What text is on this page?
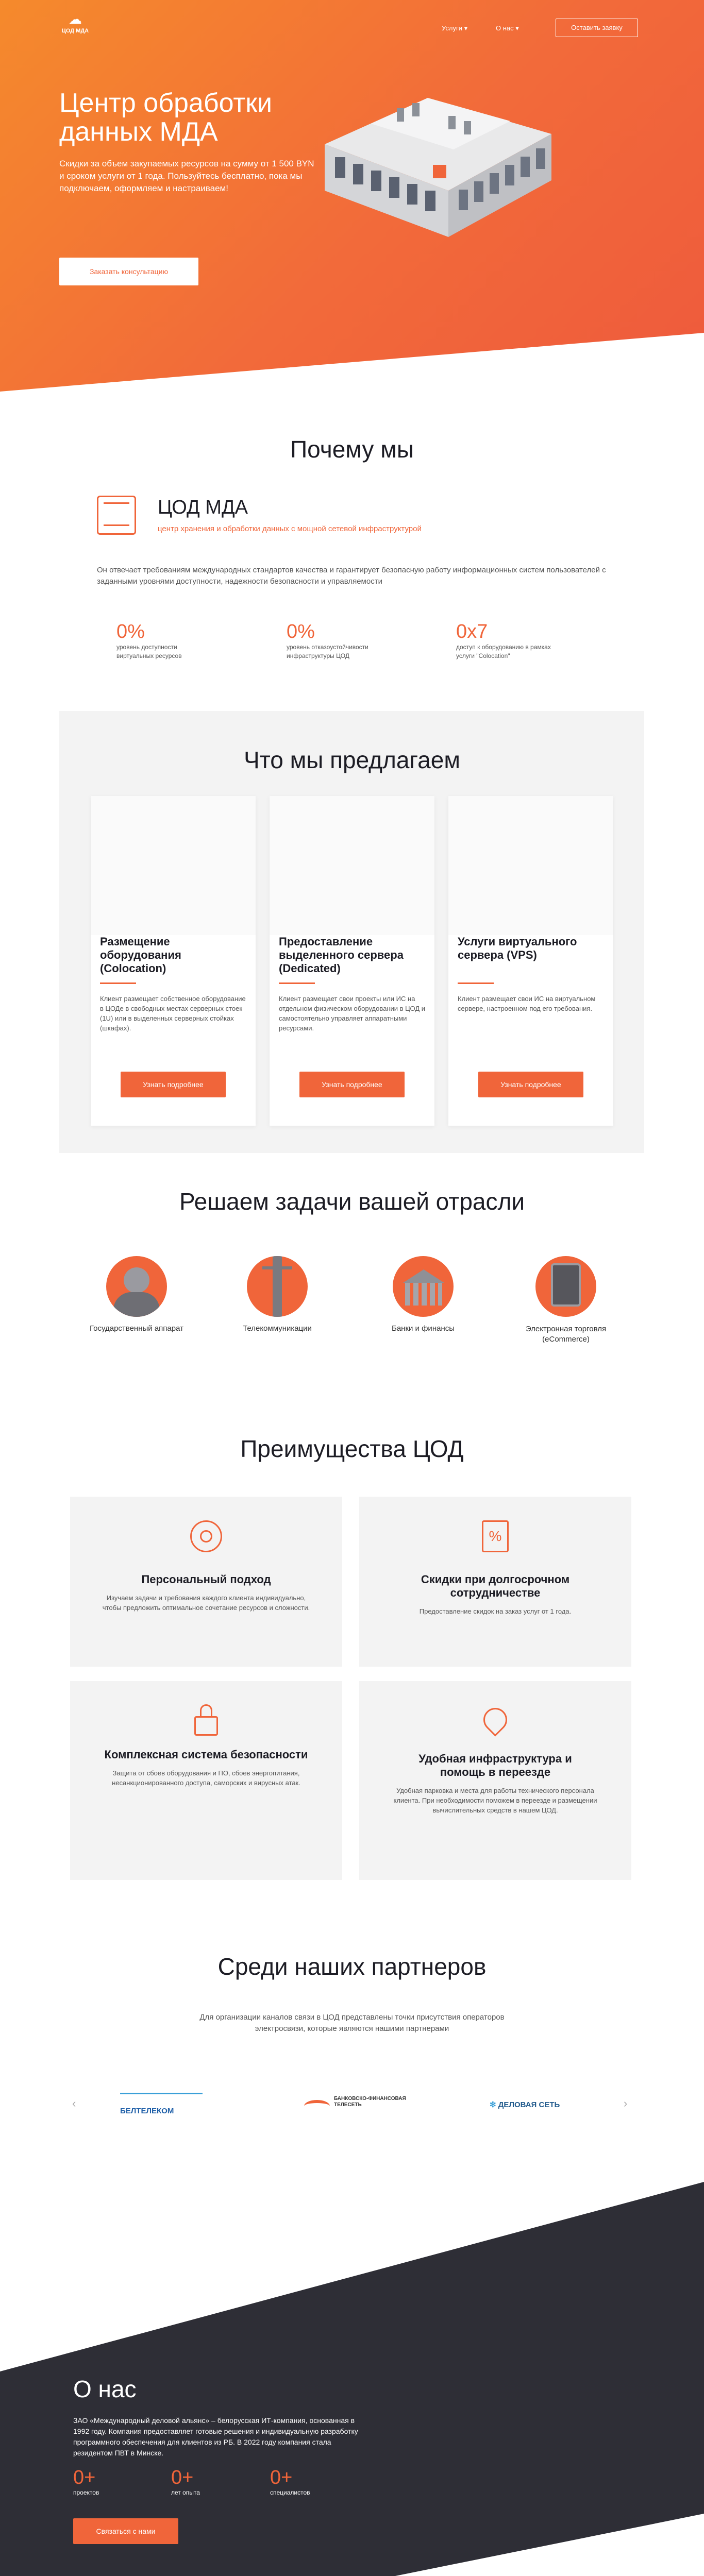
☁
ЦОД МДА	Услуги ▾	О нас ▾	Оставить заявку
Центр обработки данных МДА

Скидки за объем закупаемых ресурсов на сумму от 1 500 BYN и сроком услуги от 1 года. Пользуйтесь бесплатно, пока мы подключаем, оформляем и настраиваем!

Заказать консультацию
Почему мы
ЦОД МДА
центр хранения и обработки данных с мощной сетевой инфраструктурой

Он отвечает требованиям международных стандартов качества и гарантирует безопасную работу информационных систем пользователей с заданными уровнями доступности, надежности безопасности и управляемости

0%
уровень доступности виртуальных ресурсов
0%
уровень отказоустойчивости инфраструктуры ЦОД
0x7
доступ к оборудованию в рамках услуги "Colocation"
Что мы предлагаем
Размещение оборудования (Colocation)

Клиент размещает собственное оборудование в ЦОДе в свободных местах серверных стоек (1U) или в выделенных серверных стойках (шкафах).

Узнать подробнее
Предоставление выделенного сервера (Dedicated)

Клиент размещает свои проекты или ИС на отдельном физическом оборудовании в ЦОД и самостоятельно управляет аппаратными ресурсами.

Узнать подробнее
Услуги виртуального сервера (VPS)

Клиент размещает свои ИС на виртуальном сервере, настроенном под его требования.

Узнать подробнее
Решаем задачи вашей отрасли
Государственный аппарат	Телекоммуникации	Банки и финансы	Электронная торговля (eCommerce)
Преимущества ЦОД
Персональный подход

Изучаем задачи и требования каждого клиента индивидуально, чтобы предложить оптимальное сочетание ресурсов и сложности.

%
Скидки при долгосрочном сотрудничестве

Предоставление скидок на заказ услуг от 1 года.

Комплексная система безопасности

Защита от сбоев оборудования и ПО, сбоев энергопитания, несанкционированного доступа, саморских и вирусных атак.

Удобная инфраструктура и помощь в переезде

Удобная парковка и места для работы технического персонала клиента. При необходимости поможем в переезде и размещении вычислительных средств в нашем ЦОД.

Среди наших партнеров

Для организации каналов связи в ЦОД представлены точки присутствия операторов электросвязи, которые являются нашими партнерами

‹	›
БЕЛТЕЛЕКОМ
БАНКОВСКО-ФИНАНСОВАЯ ТЕЛЕСЕТЬ	✻ ДЕЛОВАЯ СЕТЬ
О нас

ЗАО «Международный деловой альянс» – белорусская ИТ-компания, основанная в 1992 году. Компания предоставляет готовые решения и индивидуальную разработку программного обеспечения для клиентов из РБ. В 2022 году компания стала резидентом ПВТ в Минске.

0+
проектов
0+
лет опыта
0+
специалистов
Связаться с нами
